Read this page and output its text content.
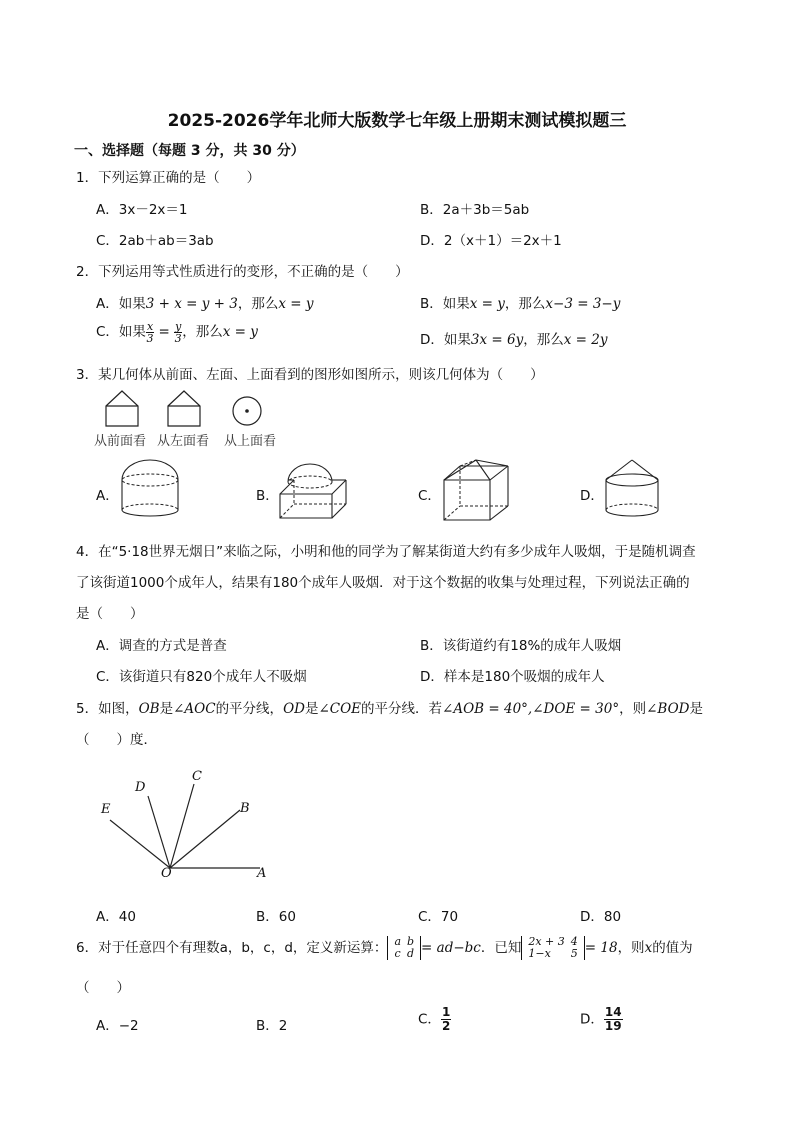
2025-2026学年北师大版数学七年级上册期末测试模拟题三
一、选择题（每题 3 分，共 30 分）
1．下列运算正确的是（　　）
A．3x－2x＝1	B．2a＋3b＝5ab
C．2ab＋ab＝3ab	D．2（x＋1）＝2x＋1
2．下列运用等式性质进行的变形，不正确的是（　　）
A．如果3 + x = y + 3，那么x = y	B．如果x = y，那么x−3 = 3−y
C．如果 $\frac{x}{3} = \frac{y}{3}$ ，那么x = y	D．如果3x = 6y，那么x = 2y
3．某几何体从前面、左面、上面看到的图形如图所示，则该几何体为（　　）
从前面看 从左面看 从上面看
A．	B．	C．	D．
4．在“5·18世界无烟日”来临之际，小明和他的同学为了解某街道大约有多少成年人吸烟，于是随机调查
了该街道1000个成年人，结果有180个成年人吸烟．对于这个数据的收集与处理过程，下列说法正确的
是（　　）
A．调查的方式是普查	B．该街道约有18%的成年人吸烟
C．该街道只有820个成年人不吸烟	D．样本是180个吸烟的成年人
5．如图，OB是∠AOC的平分线，OD是∠COE的平分线．若∠AOB = 40°,∠DOE = 30°，则∠BOD是
（　　）度．
E
D
C
B
O	A
A．40	B．60	C．70	D．80
6．对于任意四个有理数a，b，c，d，定义新运算： a	b
c	d = ad−bc．已知 2x + 3	4
1−x	5 = 18，则x的值为
（　　）
A．−2	B．2	C． $\frac{1}{2}$	D． $\frac{14}{19}$
